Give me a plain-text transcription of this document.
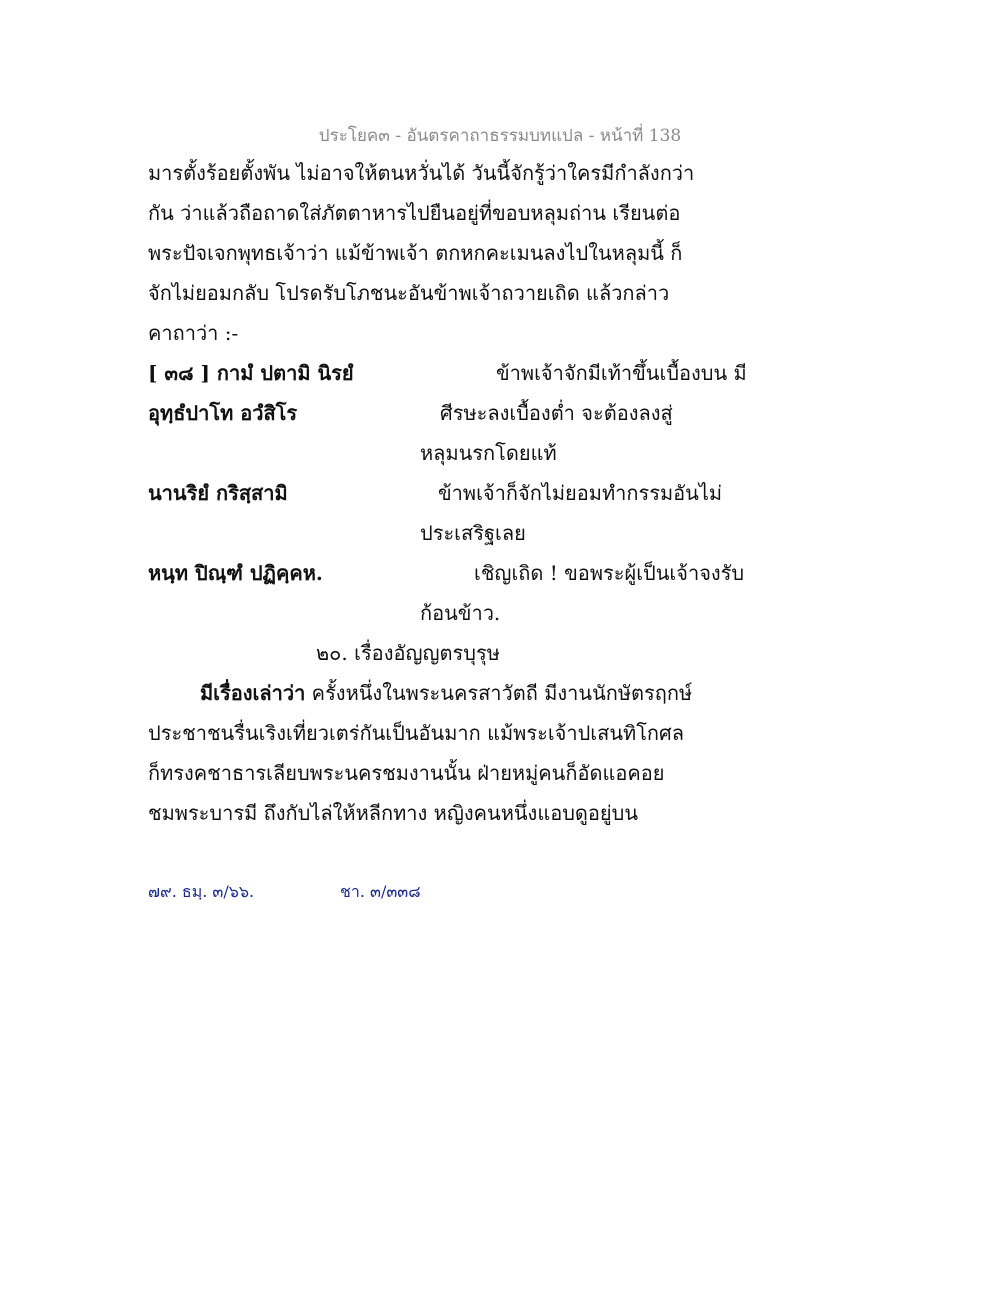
ประโยค๓ - อันตรคาถาธรรมบทแปล - หน้าที่ 138
มารตั้งร้อยตั้งพัน ไม่อาจให้ตนหวั่นได้ วันนี้จักรู้ว่าใครมีกำลังกว่า
กัน ว่าแล้วถือถาดใส่ภัตตาหารไปยืนอยู่ที่ขอบหลุมถ่าน เรียนต่อ
พระปัจเจกพุทธเจ้าว่า แม้ข้าพเจ้า ตกหกคะเมนลงไปในหลุมนี้ ก็
จักไม่ยอมกลับ โปรดรับโภชนะอันข้าพเจ้าถวายเถิด แล้วกล่าว
คาถาว่า :-
[ ๓๘ ] กามํ ปตามิ นิรยํ	ข้าพเจ้าจักมีเท้าขึ้นเบื้องบน มี
อุทฺธํปาโท อวํสิโร	ศีรษะลงเบื้องต่ำ จะต้องลงสู่
หลุมนรกโดยแท้
นานริยํ กริสฺสามิ	ข้าพเจ้าก็จักไม่ยอมทำกรรมอันไม่
ประเสริฐเลย
หนฺท ปิณฺฑํ ปฏิคฺคห.	เชิญเถิด ! ขอพระผู้เป็นเจ้าจงรับ
ก้อนข้าว.
๒๐. เรื่องอัญญตรบุรุษ
มีเรื่องเล่าว่า ครั้งหนึ่งในพระนครสาวัตถี มีงานนักษัตรฤกษ์
ประชาชนรื่นเริงเที่ยวเตร่กันเป็นอันมาก แม้พระเจ้าปเสนทิโกศล
ก็ทรงคชาธารเลียบพระนครชมงานนั้น ฝ่ายหมู่คนก็อัดแอคอย
ชมพระบารมี ถึงกับไล่ให้หลีกทาง หญิงคนหนึ่งแอบดูอยู่บน
๗๙. ธมฺ. ๓/๖๖.	ชา. ๓/๓๓๘
